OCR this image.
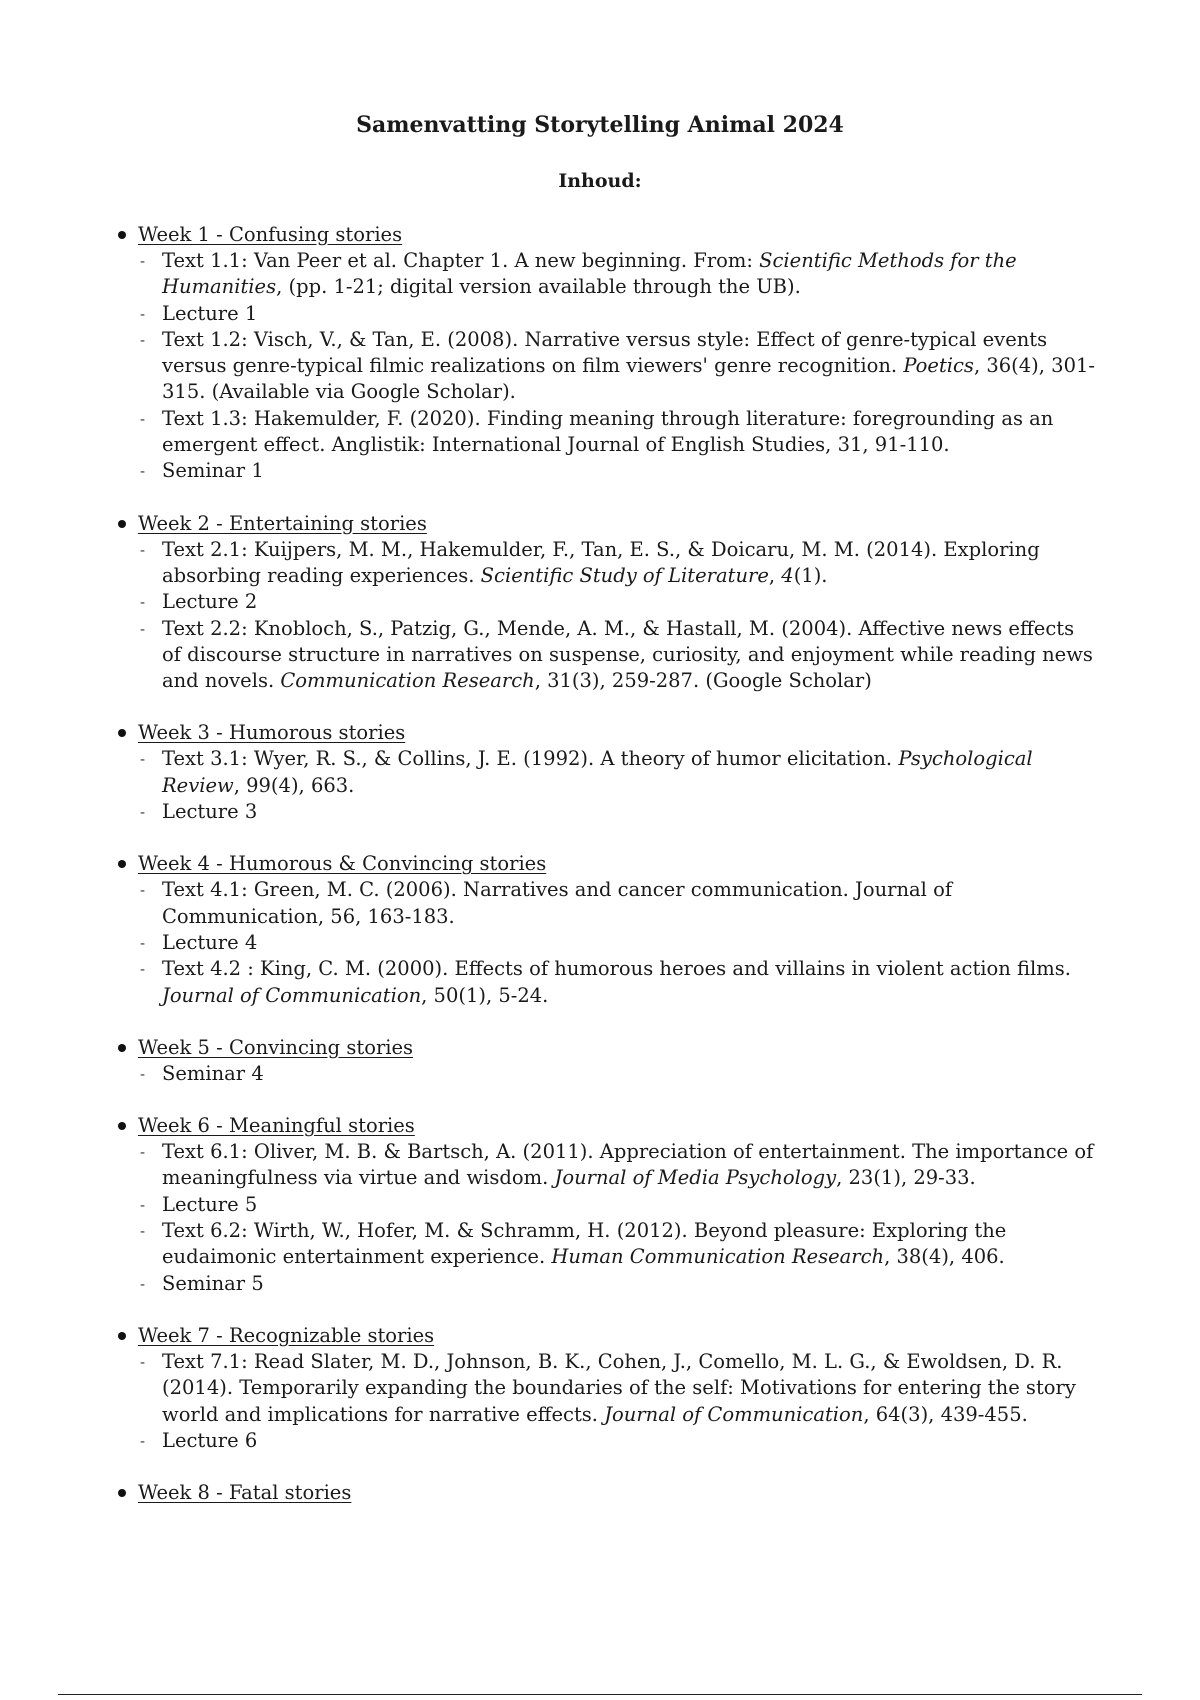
Samenvatting Storytelling Animal 2024
Inhoud:
Week 1 - Confusing stories
- Text 1.1: Van Peer et al. Chapter 1. A new beginning. From: Scientific Methods for the Humanities, (pp. 1-21; digital version available through the UB).
- Lecture 1
- Text 1.2: Visch, V., & Tan, E. (2008). Narrative versus style: Effect of genre-typical events versus genre-typical filmic realizations on film viewers' genre recognition. Poetics, 36(4), 301-315. (Available via Google Scholar).
- Text 1.3: Hakemulder, F. (2020). Finding meaning through literature: foregrounding as an emergent effect. Anglistik: International Journal of English Studies, 31, 91-110.
- Seminar 1
Week 2 - Entertaining stories
- Text 2.1: Kuijpers, M. M., Hakemulder, F., Tan, E. S., & Doicaru, M. M. (2014). Exploring absorbing reading experiences. Scientific Study of Literature, 4(1).
- Lecture 2
- Text 2.2: Knobloch, S., Patzig, G., Mende, A. M., & Hastall, M. (2004). Affective news effects of discourse structure in narratives on suspense, curiosity, and enjoyment while reading news and novels. Communication Research, 31(3), 259-287. (Google Scholar)
Week 3 - Humorous stories
- Text 3.1: Wyer, R. S., & Collins, J. E. (1992). A theory of humor elicitation. Psychological Review, 99(4), 663.
- Lecture 3
Week 4 - Humorous & Convincing stories
- Text 4.1: Green, M. C. (2006). Narratives and cancer communication. Journal of Communication, 56, 163-183.
- Lecture 4
- Text 4.2 : King, C. M. (2000). Effects of humorous heroes and villains in violent action films. Journal of Communication, 50(1), 5-24.
Week 5 - Convincing stories
- Seminar 4
Week 6 - Meaningful stories
- Text 6.1: Oliver, M. B. & Bartsch, A. (2011). Appreciation of entertainment. The importance of meaningfulness via virtue and wisdom. Journal of Media Psychology, 23(1), 29-33.
- Lecture 5
- Text 6.2: Wirth, W., Hofer, M. & Schramm, H. (2012). Beyond pleasure: Exploring the eudaimonic entertainment experience. Human Communication Research, 38(4), 406.
- Seminar 5
Week 7 - Recognizable stories
- Text 7.1: Read Slater, M. D., Johnson, B. K., Cohen, J., Comello, M. L. G., & Ewoldsen, D. R. (2014). Temporarily expanding the boundaries of the self: Motivations for entering the story world and implications for narrative effects. Journal of Communication, 64(3), 439-455.
- Lecture 6
Week 8 - Fatal stories
